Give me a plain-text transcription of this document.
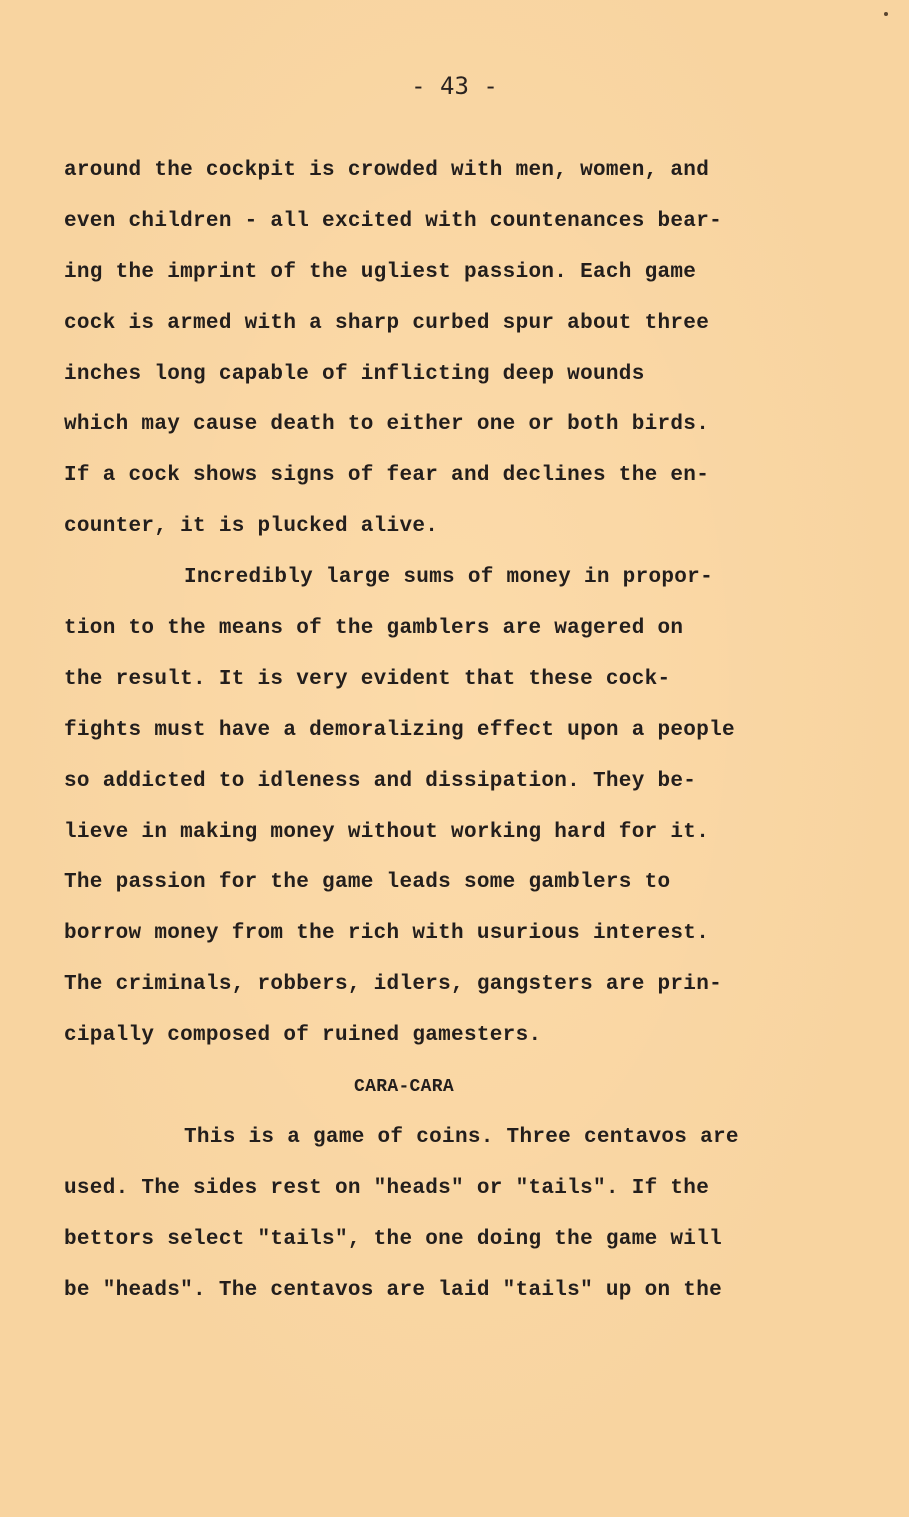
- 43 -
around the cockpit is crowded with men, women, and
even children - all excited with countenances bear-
ing the imprint of the ugliest passion. Each game
cock is armed with a sharp curbed spur about three
inches long capable of inflicting deep wounds
which may cause death to either one or both birds.
If a cock shows signs of fear and declines the en-
counter, it is plucked alive.
Incredibly large sums of money in propor-
tion to the means of the gamblers are wagered on
the result. It is very evident that these cock-
fights must have a demoralizing effect upon a people
so addicted to idleness and dissipation. They be-
lieve in making money without working hard for it.
The passion for the game leads some gamblers to
borrow money from the rich with usurious interest.
The criminals, robbers, idlers, gangsters are prin-
cipally composed of ruined gamesters.
CARA-CARA
This is a game of coins. Three centavos are
used. The sides rest on "heads" or "tails". If the
bettors select "tails", the one doing the game will
be "heads". The centavos are laid "tails" up on the
